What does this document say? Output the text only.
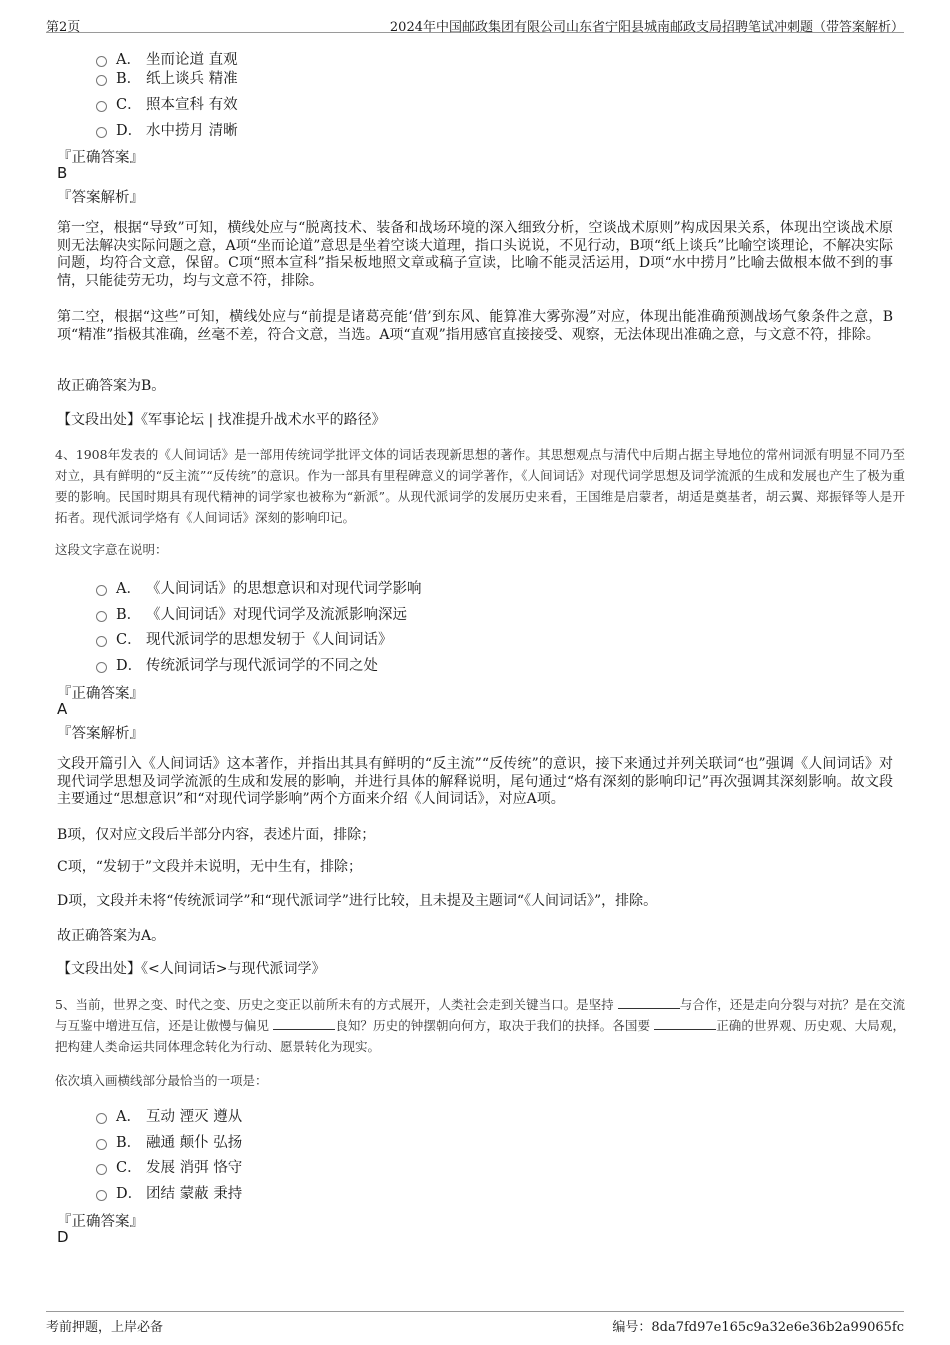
第2页	2024年中国邮政集团有限公司山东省宁阳县城南邮政支局招聘笔试冲刺题（带答案解析）
A． 坐而论道 直观
B． 纸上谈兵 精准
C． 照本宣科 有效
D． 水中捞月 清晰
『正确答案』
B
『答案解析』
第一空，根据“导致”可知，横线处应与“脱离技术、装备和战场环境的深入细致分析，空谈战术原则”构成因果关系，体现出空谈战术原则无法解决实际问题之意，A项“坐而论道”意思是坐着空谈大道理，指口头说说，不见行动，B项“纸上谈兵”比喻空谈理论，不解决实际问题，均符合文意，保留。C项“照本宣科”指呆板地照文章或稿子宣读，比喻不能灵活运用，D项“水中捞月”比喻去做根本做不到的事情，只能徒劳无功，均与文意不符，排除。
第二空，根据“这些”可知，横线处应与“前提是诸葛亮能‘借’到东风、能算准大雾弥漫”对应，体现出能准确预测战场气象条件之意，B项“精准”指极其准确，丝毫不差，符合文意，当选。A项“直观”指用感官直接接受、观察，无法体现出准确之意，与文意不符，排除。
故正确答案为B。
【文段出处】《军事论坛 | 找准提升战术水平的路径》
4、1908年发表的《人间词话》是一部用传统词学批评文体的词话表现新思想的著作。其思想观点与清代中后期占据主导地位的常州词派有明显不同乃至对立，具有鲜明的“反主流”“反传统”的意识。作为一部具有里程碑意义的词学著作，《人间词话》对现代词学思想及词学流派的生成和发展也产生了极为重要的影响。民国时期具有现代精神的词学家也被称为“新派”。从现代派词学的发展历史来看，王国维是启蒙者，胡适是奠基者，胡云翼、郑振铎等人是开拓者。现代派词学烙有《人间词话》深刻的影响印记。
这段文字意在说明：
A． 《人间词话》的思想意识和对现代词学影响
B． 《人间词话》对现代词学及流派影响深远
C． 现代派词学的思想发轫于《人间词话》
D． 传统派词学与现代派词学的不同之处
『正确答案』
A
『答案解析』
文段开篇引入《人间词话》这本著作，并指出其具有鲜明的“反主流”“反传统”的意识，接下来通过并列关联词“也”强调《人间词话》对现代词学思想及词学流派的生成和发展的影响，并进行具体的解释说明，尾句通过“烙有深刻的影响印记”再次强调其深刻影响。故文段主要通过“思想意识”和“对现代词学影响”两个方面来介绍《人间词话》，对应A项。
B项，仅对应文段后半部分内容，表述片面，排除；
C项，“发轫于”文段并未说明，无中生有，排除；
D项，文段并未将“传统派词学”和“现代派词学”进行比较，且未提及主题词“《人间词话》”，排除。
故正确答案为A。
【文段出处】《<人间词话>与现代派词学》
5、当前，世界之变、时代之变、历史之变正以前所未有的方式展开，人类社会走到关键当口。是坚持	与合作，还是走向分裂与对抗？是在交流与互鉴中增进互信，还是让傲慢与偏见	良知？历史的钟摆朝向何方，取决于我们的抉择。各国要	正确的世界观、历史观、大局观，把构建人类命运共同体理念转化为行动、愿景转化为现实。
依次填入画横线部分最恰当的一项是：
A． 互动 湮灭 遵从
B． 融通 颠仆 弘扬
C． 发展 消弭 恪守
D． 团结 蒙蔽 秉持
『正确答案』
D
考前押题，上岸必备	编号：8da7fd97e165c9a32e6e36b2a99065fc
